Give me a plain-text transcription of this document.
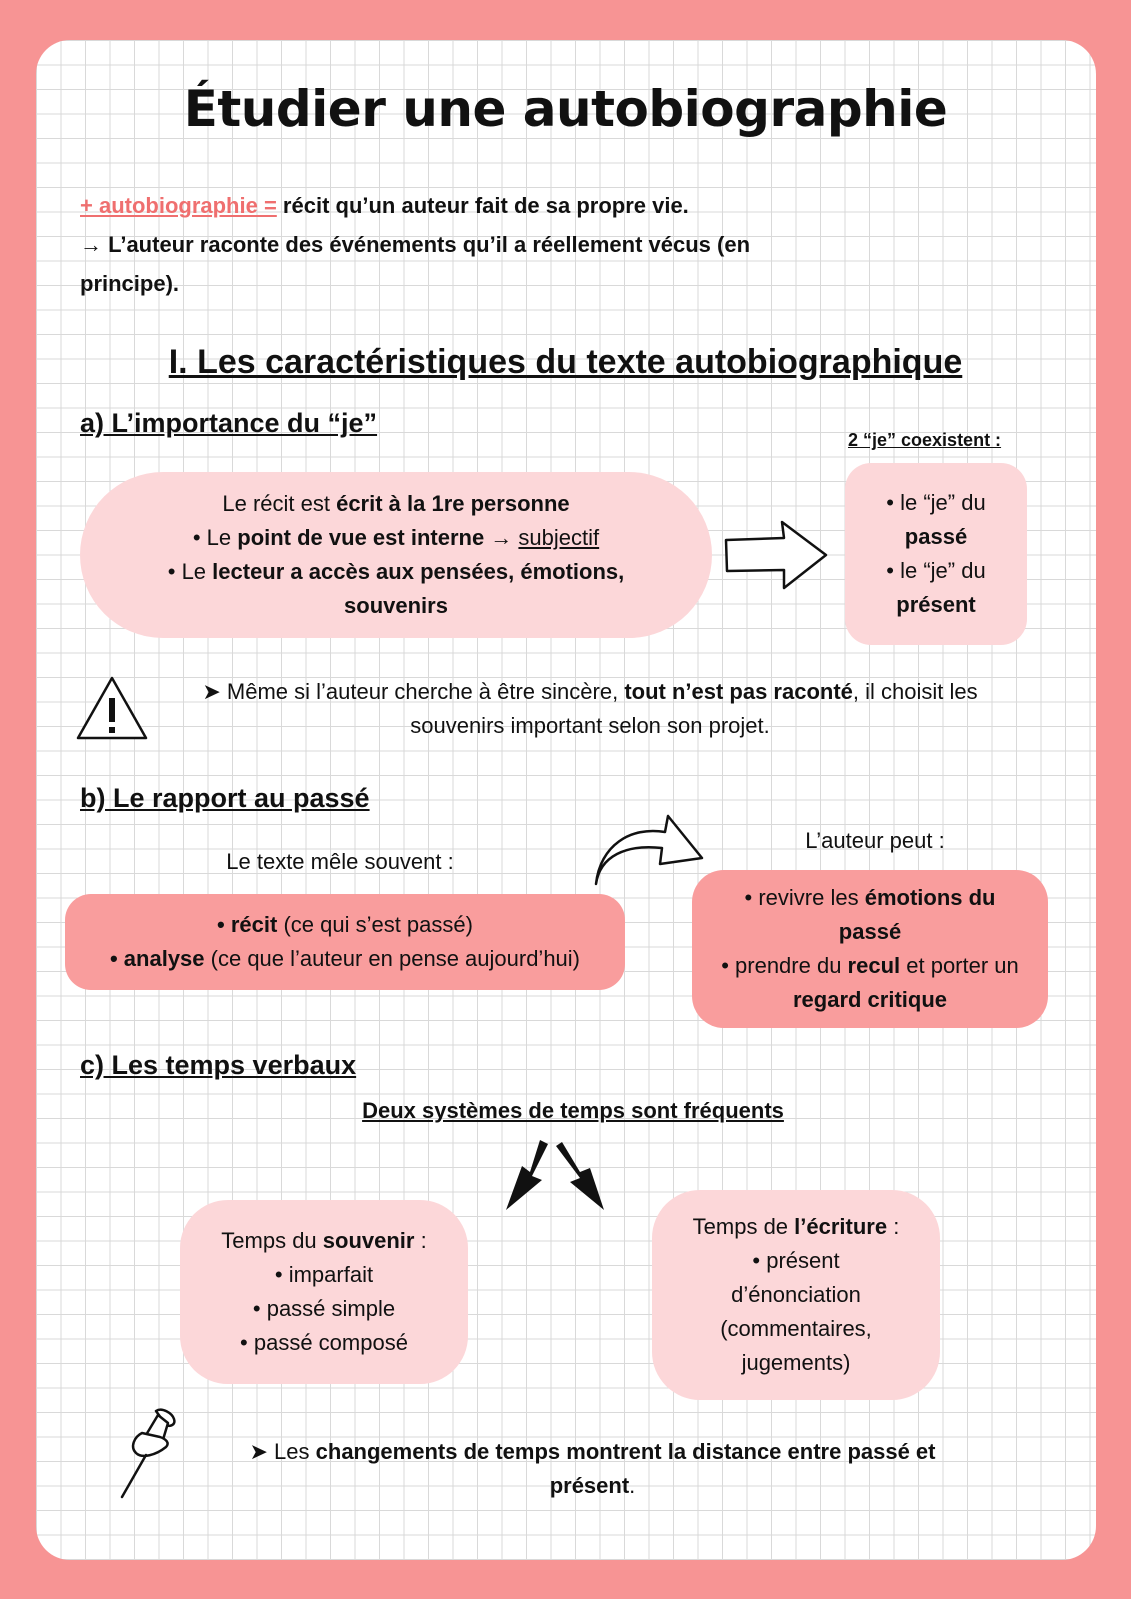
Étudier une autobiographie
+ autobiographie = récit qu’un auteur fait de sa propre vie.
→ L’auteur raconte des événements qu’il a réellement vécus (en
principe).
I. Les caractéristiques du texte autobiographique
a) L’importance du “je”
2 “je” coexistent :
Le récit est écrit à la 1re personne
• Le point de vue est interne → subjectif
• Le lecteur a accès aux pensées, émotions,
souvenirs
• le “je” du
passé
• le “je” du
présent
➤ Même si l’auteur cherche à être sincère, tout n’est pas raconté, il choisit les
souvenirs important selon son projet.
b) Le rapport au passé
Le texte mêle souvent :
• récit (ce qui s’est passé)
• analyse (ce que l’auteur en pense aujourd’hui)
L’auteur peut :
• revivre les émotions du
passé
• prendre du recul et porter un
regard critique
c) Les temps verbaux
Deux systèmes de temps sont fréquents
Temps du souvenir :
• imparfait
• passé simple
• passé composé
Temps de l’écriture :
• présent
d’énonciation
(commentaires,
jugements)
➤ Les changements de temps montrent la distance entre passé et
présent.
